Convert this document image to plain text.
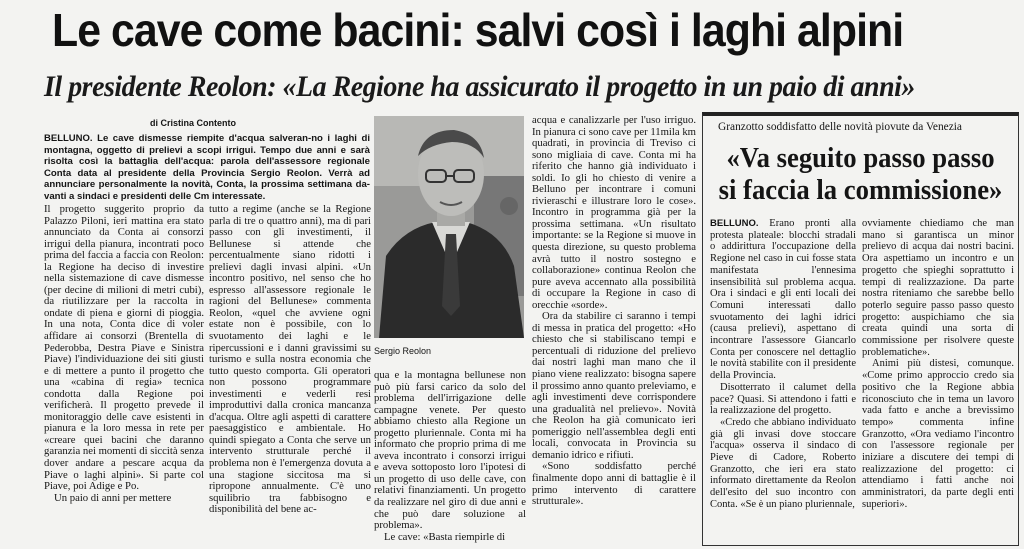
Le cave come bacini: salvi così i laghi alpini
Il presidente Reolon: «La Regione ha assicurato il progetto in un paio di anni»
di Cristina Contento

BELLUNO. Le cave dismesse riempite d'acqua salveran-no i laghi di montagna, oggetto di prelievi a scopi irrigui. Tempo due anni e sarà risolta così la battaglia dell'acqua: parola dell'assessore regionale Conta data al presidente della Provincia Sergio Reolon. Verrà ad annunciare personalmente la novità, Conta, la prossima settimana da-vanti a sindaci e presidenti delle Cm interessate.

Il progetto suggerito proprio da Palazzo Piloni, ieri mattina era stato annunciato da Conta ai consorzi irrigui della pianura, incontrati poco prima del faccia a faccia con Reolon: la Regione ha deciso di investire nella sistemazione di cave dismesse (per decine di milioni di metri cubi), da riutilizzare per la raccolta in ondate di piena e giorni di pioggia. In una nota, Conta dice di voler affidare ai consorzi (Brentella di Pederobba, Destra Piave e Sinistra Piave) l'individuazione dei siti giusti e di mettere a punto il progetto che una «cabina di regia» tecnica condotta dalla Regione poi verificherà. Il progetto prevede il monitoraggio delle cave esistenti in pianura e la loro messa in rete per «creare quei bacini che daranno garanzia nei momenti di siccità senza dover andare a pescare acqua da Piave o laghi alpini». Si parte col Piave, poi Adige e Po.

Un paio di anni per mettere

tutto a regime (anche se la Regione parla di tre o quattro anni), ma di pari passo con gli investimenti, il Bellunese si attende che percentualmente siano ridotti i prelievi dagli invasi alpini. «Un incontro positivo, nel senso che ho espresso all'assessore regionale le ragioni del Bellunese» commenta Reolon, «quel che avviene ogni estate non è possibile, con lo svuotamento dei laghi e le ripercussioni e i danni gravissimi su turismo e sulla nostra economia che tutto questo comporta. Gli operatori non possono programmare investimenti e vederli resi improduttivi dalla cronica mancanza d'acqua. Oltre agli aspetti di carattere paesaggistico e ambientale. Ho quindi spiegato a Conta che serve un intervento strutturale perché il problema non è l'emergenza dovuta a una stagione siccitosa ma si ripropone annualmente. C'è uno squilibrio tra fabbisogno e disponibilità del bene ac-

Sergio Reolon

qua e la montagna bellunese non può più farsi carico da solo del problema dell'irrigazione delle campagne venete. Per questo abbiamo chiesto alla Regione un progetto pluriennale. Conta mi ha informato che proprio prima di me aveva incontrato i consorzi irrigui e aveva sottoposto loro l'ipotesi di un progetto di uso delle cave, con relativi finanziamenti. Un progetto da realizzare nel giro di due anni e che può dare soluzione al problema».

Le cave: «Basta riempirle di

acqua e canalizzarle per l'uso irriguo. In pianura ci sono cave per 11mila km quadrati, in provincia di Treviso ci sono migliaia di cave. Conta mi ha riferito che hanno già individuato i soldi. Io gli ho chiesto di venire a Belluno per incontrare i comuni rivieraschi e illustrare loro le cose». Incontro in programma già per la prossima settimana. «Un risultato importante: se la Regione si muove in questa direzione, su questo problema avrà tutto il nostro sostegno e collaborazione» continua Reolon che pure aveva accennato alla possibilità di occupare la Regione in caso di orecchie «sorde».

Ora da stabilire ci saranno i tempi di messa in pratica del progetto: «Ho chiesto che si stabiliscano tempi e percentuali di riduzione del prelievo dai nostri laghi man mano che il piano viene realizzato: bisogna sapere il prossimo anno quanto preleviamo, e agli investimenti deve corrispondere una gradualità nel prelievo». Novità che Reolon ha già comunicato ieri pomeriggio nell'assemblea degli enti locali, convocata in Provincia su demanio idrico e rifiuti.

«Sono soddisfatto perché finalmente dopo anni di battaglie è il primo intervento di carattere strutturale».

Granzotto soddisfatto delle novità piovute da Venezia

«Va seguito passo passo si faccia la commissione»

BELLUNO. Erano pronti alla protesta plateale: blocchi stradali o addirittura l'occupazione della Regione nel caso in cui fosse stata manifestata l'ennesima insensibilità sul problema acqua. Ora i sindaci e gli enti locali dei Comuni interessati dallo svuotamento dei laghi idrici (causa prelievi), aspettano di incontrare l'assessore Giancarlo Conta per conoscere nel dettaglio le novità stabilite con il presidente della Provincia.

Disotterrato il calumet della pace? Quasi. Si attendono i fatti e la realizzazione del progetto.

«Credo che abbiano individuato già gli invasi dove stoccare l'acqua» osserva il sindaco di Pieve di Cadore, Roberto Granzotto, che ieri era stato informato direttamente da Reolon dell'esito del suo incontro con Conta. «Se è un piano pluriennale,

ovviamente chiediamo che man mano si garantisca un minor prelievo di acqua dai nostri bacini. Ora aspettiamo un incontro e un progetto che spieghi soprattutto i tempi di realizzazione. Da parte nostra riteniamo che sarebbe bello poterlo seguire passo passo questo progetto: auspichiamo che sia creata quindi una sorta di commissione per risolvere queste problematiche».

Animi più distesi, comunque. «Come primo approccio credo sia positivo che la Regione abbia riconosciuto che in tema un lavoro vada fatto e anche a brevissimo tempo» commenta infine Granzotto, «Ora vediamo l'incontro con l'assessore regionale per iniziare a discutere dei tempi di realizzazione del progetto: ci attendiamo i fatti anche noi amministratori, da parte degli enti superiori».
